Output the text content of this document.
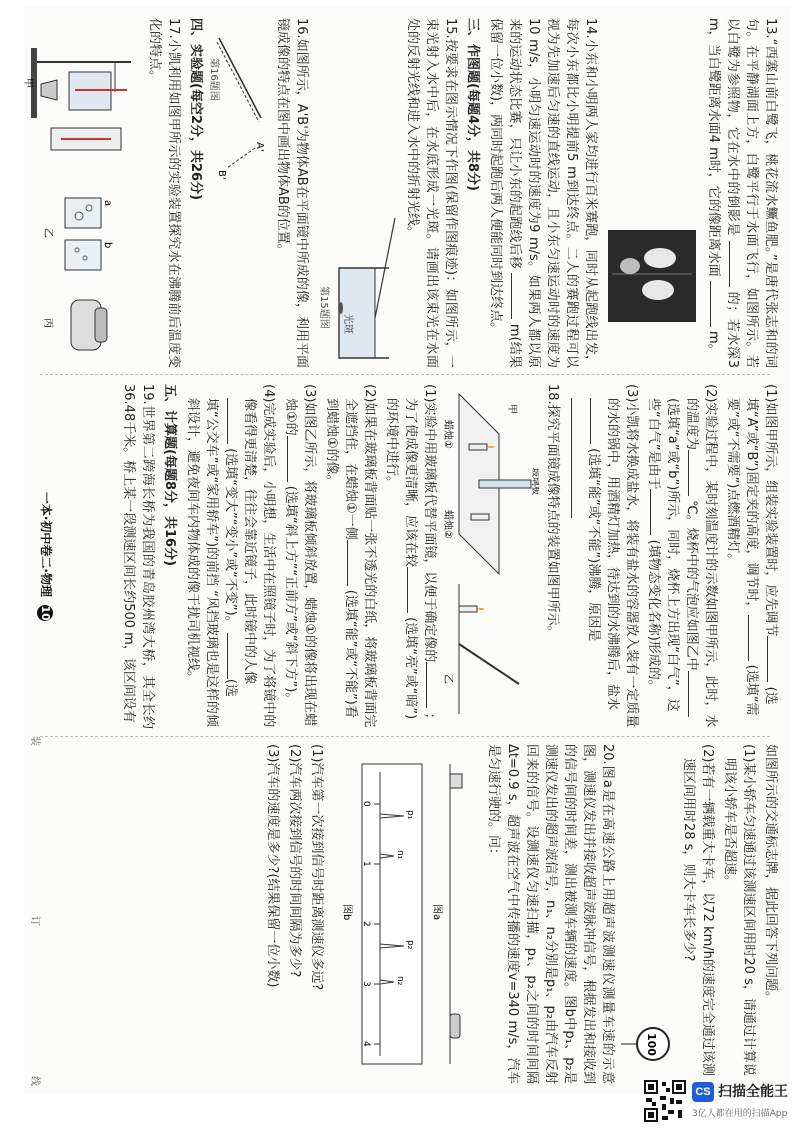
13.“西塞山前白鹭飞，桃花流水鳜鱼肥。”是唐代张志和的词句。在平静湖面上方，白鹭平行于水面飞行，如图所示。若以白鹭为参照物，它在水中的倒影是  的；若水深3 m，当白鹭距离水面4 m时，它的像距离水面  m。
14.小东和小明两人家均进行百米赛跑，同时从起跑线出发，每次小东都比小明提前5 m到达终点。二人的赛跑过程可以视为先加速后匀速的直线运动，且小东匀速运动时的速度为10 m/s，小明匀速运动时的速度为9 m/s。如果两人都以原来的运动状态比赛，只让小东的起跑线后移  m(结果保留一位小数)，两同时起跑后两人便能同时到达终点。
三、作图题(每题4分，共8分)
15.按要求在图示情况下作图(保留作图痕迹)：如图所示，一束光射入水中后，在水底形成一光斑。请画出该束光在水面处的反射光线和进入水中的折射光线。
光斑
第15题图
16.如图所示，A'B'为物体AB在平面镜中所成的像，利用平面镜成像的特点在图中画出物体AB的位置。
A'
B'
第16题图
四、实验题(每空2分，共26分)
17.小凯利用如图甲所示的实验装置探究水在沸腾前后温度变化的特点。
甲
a
b
乙
丙
(1)如图甲所示，组装实验装置时，应先调节 (选填“A”或“B”)固定夹的高度，调节时， (选填“需要”或“不需要”)点燃酒精灯。
(2)实验过程中，某时刻温度计的示数如图甲所示，此时，水的温度为 ℃。烧杯中的气泡应如图乙中 (选填“a”或“b”)所示，同时，烧杯上方出现“白气”，这些“白气”是由于 (填物态变化名称)形成的。
(3)小凯将水换成盐水，将装有盐水的容器放入装有一定质量的水的锅中，用酒精灯加热，待达到的水沸腾后，盐水 (选填“能”或“不能”)沸腾，原因是
18.探究平面镜成像特点的装置如图甲所示。
蜡烛①
蜡烛②
玻璃板
甲
乙
(1)实验中用玻璃板代替平面镜，以便于确定像的 ；为了使成像更清晰，应该在较 (选填“亮”或“暗”)的环境中进行。
(2)如果在玻璃板背面贴一张不透光的白纸，将玻璃板背面完全遮挡住，在蜡烛①一侧 (选填“能”或“不能”)看到蜡烛①的像。
(3)如图乙所示，将玻璃板倾斜放置，蜡烛①的像将出现在蜡烛①的 (选填“斜上方”“正前方”或“斜下方”)。
(4)完成实验后，小明想，生活中在照镜子时，为了将镜中的像看得更清楚，往往会靠近镜子，此时镜中的人像 (选填“变大”“变小”或“不变”)。 (选填“公交车”或“家用轿车”)的前挡 “风挡玻璃也是这样的倾斜设计，避免夜间车内物体成的像干扰司机视线。
五、计算题(每题8分，共16分)
19.世界第二跨海长桥为我国的青岛胶州湾大桥，其全长约36.48千米。桥上某一段测速区间长约500 m，该区间设有
如图所示的交通标志牌，据此回答下列问题。
(1)某小轿车匀速通过该测速区间用时20 s，请通过计算说明该小轿车是否超速。
(2)若有一辆载重大卡车，以72 km/h的速度完全通过该测速区间用时28 s，则大卡车长多少?
100
20.图a是在高速公路上用超声波测速仪测量车速的示意图，测速仪发出并接收超声波脉冲信号，根据发出和接收到的信号间的时间差，测出被测车辆的速度。图b中p₁、p₂是测速仪发出的超声波信号，n₁、n₂分别是p₁、p₂由汽车反射回来的信号。设测速仪匀速扫描，p₁、p₂之间的时间间隔Δt=0.9 s，超声波在空气中传播的速度v=340 m/s，汽车是匀速行驶的。问：
图a
0
1
2
3
4
p₁
n₁
p₂
n₂
图b
(1)汽车第一次接到信号时距离测速仪多远?
(2)汽车两次接到信号的时间间隔为多少?
(3)汽车的速度是多少?(结果保留一位小数)
一本·初中卷二·物理 10
装
订
线
CS 扫描全能王
3亿人都在用的扫描App
